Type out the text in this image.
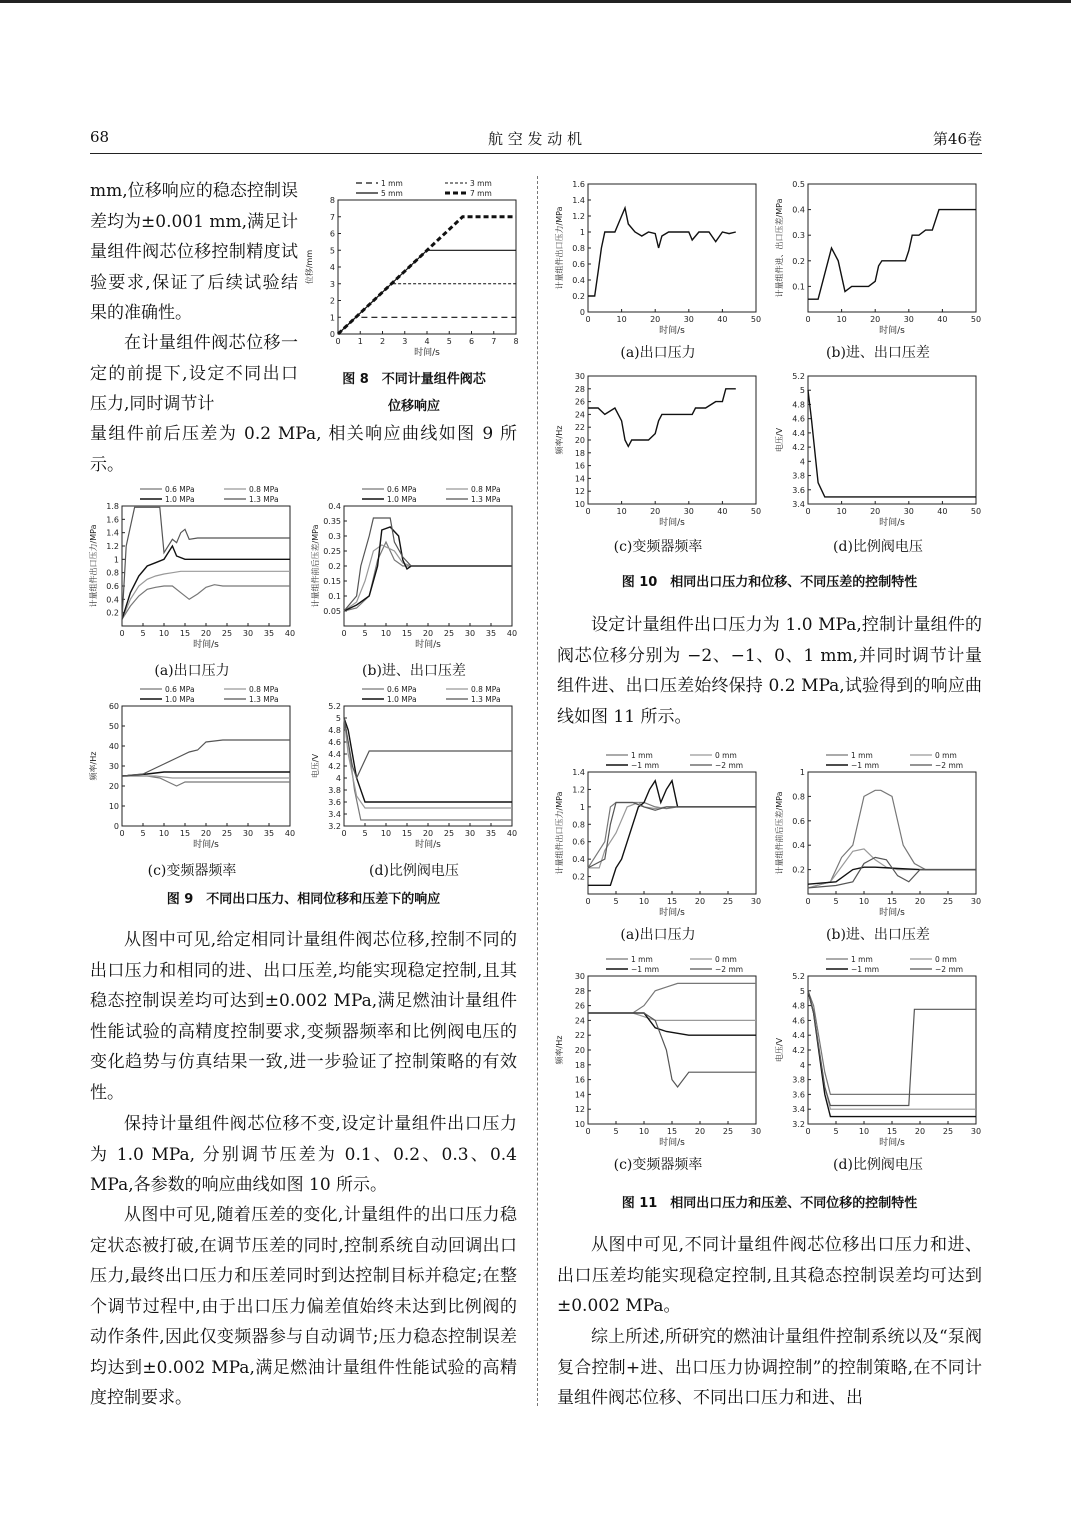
68	航 空 发 动 机	第46卷

mm,位移响应的稳态控制误差均为±0.001 mm,满足计量组件阀芯位移控制精度试验要求,保证了后续试验结果的准确性。

在计量组件阀芯位移一定的前提下,设定不同出口压力,同时调节计

量组件前后压差为 0.2 MPa, 相关响应曲线如图 9 所示。

从图中可见,给定相同计量组件阀芯位移,控制不同的出口压力和相同的进、出口压差,均能实现稳定控制,且其稳态控制误差均可达到±0.002 MPa,满足燃油计量组件性能试验的高精度控制要求,变频器频率和比例阀电压的变化趋势与仿真结果一致,进一步验证了控制策略的有效性。

保持计量组件阀芯位移不变,设定计量组件出口压力为 1.0 MPa, 分别调节压差为 0.1、0.2、0.3、0.4 MPa,各参数的响应曲线如图 10 所示。

从图中可见,随着压差的变化,计量组件的出口压力稳定状态被打破,在调节压差的同时,控制系统自动回调出口压力,最终出口压力和压差同时到达控制目标并稳定;在整个调节过程中,由于出口压力偏差值始终未达到比例阀的动作条件,因此仅变频器参与自动调节;压力稳态控制误差均达到±0.002 MPa,满足燃油计量组件性能试验的高精度控制要求。

设定计量组件出口压力为 1.0 MPa,控制计量组件的阀芯位移分别为 −2、−1、0、1 mm,并同时调节计量组件进、出口压差始终保持 0.2 MPa,试验得到的响应曲线如图 11 所示。

从图中可见,不同计量组件阀芯位移出口压力和进、出口压差均能实现稳定控制,且其稳态控制误差均可达到±0.002 MPa。

综上所述,所研究的燃油计量组件控制系统以及“泵阀复合控制+进、出口压力协调控制”的控制策略,在不同计量组件阀芯位移、不同出口压力和进、出

0 1 2 3 4 5 6 7 8
0
1
2
3
4
5
6
7
8
时间/s
位移/mm
1 mm	3 mm
5 mm	7 mm
图 8　不同计量组件阀芯
位移响应
0 5 10 15 20 25 30 35 40
0.2
0.4
0.6
0.8
1
1.2
1.4
1.6
1.8
时间/s
计量组件出口压力/MPa
0.6 MPa	0.8 MPa
1.0 MPa	1.3 MPa
0 5 10 15 20 25 30 35 40
0.05
0.1
0.15
0.2
0.25
0.3
0.35
0.4
时间/s
计量组件前后压差/MPa
0.6 MPa	0.8 MPa
1.0 MPa	1.3 MPa
(a)出口压力	(b)进、出口压差
0 5 10 15 20 25 30 35 40
0
10
20
30
40
50
60
时间/s
频率/Hz
0.6 MPa	0.8 MPa
1.0 MPa	1.3 MPa
0 5 10 15 20 25 30 35 40
3.2
3.4
3.6
3.8
4
4.2
4.4
4.6
4.8
5
5.2
时间/s
电压/V
0.6 MPa	0.8 MPa
1.0 MPa	1.3 MPa
(c)变频器频率	(d)比例阀电压
图 9　不同出口压力、相同位移和压差下的响应
0	10	20	30	40	50
0
0.2
0.4
0.6
0.8
1
1.2
1.4
1.6
时间/s
计量组件出口压力/MPa
0	10	20	30	40	50
0.1
0.2
0.3
0.4
0.5
时间/s
计量组件进、出口压差/MPa
(a)出口压力	(b)进、出口压差
0	10	20	30	40	50
10
12
14
16
18
20
22
24
26
28
30
时间/s
频率/Hz
0	10	20	30	40	50
3.4
3.6
3.8
4
4.2
4.4
4.6
4.8
5
5.2
时间/s
电压/V
(c)变频器频率	(d)比例阀电压
图 10　相同出口压力和位移、不同压差的控制特性
0	5	10 15 20 25 30
0.2
0.4
0.6
0.8
1
1.2
1.4
时间/s
计量组件出口压力/MPa
1 mm	0 mm
−1 mm	−2 mm
0	5	10 15 20 25 30
0.2
0.4
0.6
0.8
1
时间/s
计量组件前后压差/MPa
1 mm	0 mm
−1 mm	−2 mm
(a)出口压力	(b)进、出口压差
0	5	10 15 20 25 30
10
12
14
16
18
20
22
24
26
28
30
时间/s
频率/Hz
1 mm	0 mm
−1 mm	−2 mm
0	5	10 15 20 25 30
3.2
3.4
3.6
3.8
4
4.2
4.4
4.6
4.8
5
5.2
时间/s
电压/V
1 mm	0 mm
−1 mm	−2 mm
(c)变频器频率	(d)比例阀电压
图 11　相同出口压力和压差、不同位移的控制特性
